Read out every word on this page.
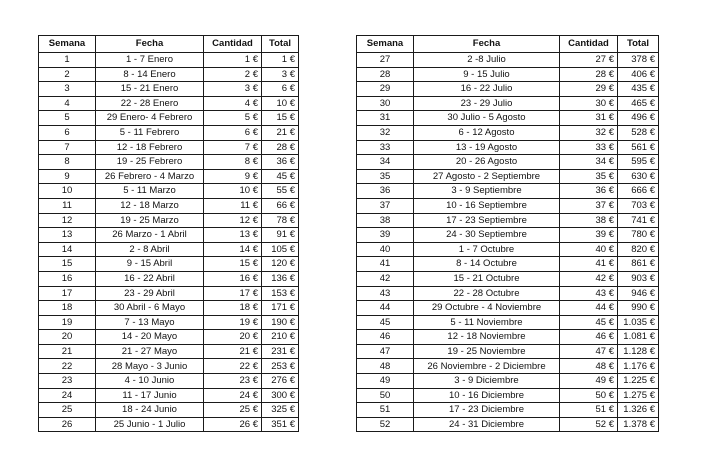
Semana	Fecha	Cantidad	Total		Semana	Fecha	Cantidad	Total
1	1 - 7 Enero	1 €	1 €		27	2 -8 Julio	27 €	378 €
2	8 - 14 Enero	2 €	3 €		28	9 - 15 Julio	28 €	406 €
3	15 - 21 Enero	3 €	6 €		29	16 - 22 Julio	29 €	435 €
4	22 - 28 Enero	4 €	10 €		30	23 - 29 Julio	30 €	465 €
5	29 Enero- 4 Febrero	5 €	15 €		31	30 Julio - 5 Agosto	31 €	496 €
6	5 - 11 Febrero	6 €	21 €		32	6 - 12 Agosto	32 €	528 €
7	12 - 18 Febrero	7 €	28 €		33	13 - 19 Agosto	33 €	561 €
8	19 - 25 Febrero	8 €	36 €		34	20 - 26 Agosto	34 €	595 €
9	26 Febrero - 4 Marzo	9 €	45 €		35	27 Agosto - 2 Septiembre	35 €	630 €
10	5 - 11 Marzo	10 €	55 €		36	3 - 9 Septiembre	36 €	666 €
11	12 - 18 Marzo	11 €	66 €		37	10 - 16 Septiembre	37 €	703 €
12	19 - 25 Marzo	12 €	78 €		38	17 - 23 Septiembre	38 €	741 €
13	26 Marzo - 1 Abril	13 €	91 €		39	24 - 30 Septiembre	39 €	780 €
14	2 - 8 Abril	14 €	105 €		40	1 - 7 Octubre	40 €	820 €
15	9 - 15 Abril	15 €	120 €		41	8 - 14 Octubre	41 €	861 €
16	16 - 22 Abril	16 €	136 €		42	15 - 21 Octubre	42 €	903 €
17	23 - 29 Abril	17 €	153 €		43	22 - 28 Octubre	43 €	946 €
18	30 Abril - 6 Mayo	18 €	171 €		44	29 Octubre - 4 Noviembre	44 €	990 €
19	7 - 13 Mayo	19 €	190 €		45	5 - 11 Noviembre	45 €	1.035 €
20	14 - 20 Mayo	20 €	210 €		46	12 - 18 Noviembre	46 €	1.081 €
21	21 - 27 Mayo	21 €	231 €		47	19 - 25 Noviembre	47 €	1.128 €
22	28 Mayo - 3 Junio	22 €	253 €		48	26 Noviembre - 2 Diciembre	48 €	1.176 €
23	4 - 10 Junio	23 €	276 €		49	3 - 9 Diciembre	49 €	1.225 €
24	11 - 17 Junio	24 €	300 €		50	10 - 16 Diciembre	50 €	1.275 €
25	18 - 24 Junio	25 €	325 €		51	17 - 23 Diciembre	51 €	1.326 €
26	25 Junio - 1 Julio	26 €	351 €		52	24 - 31 Diciembre	52 €	1.378 €
